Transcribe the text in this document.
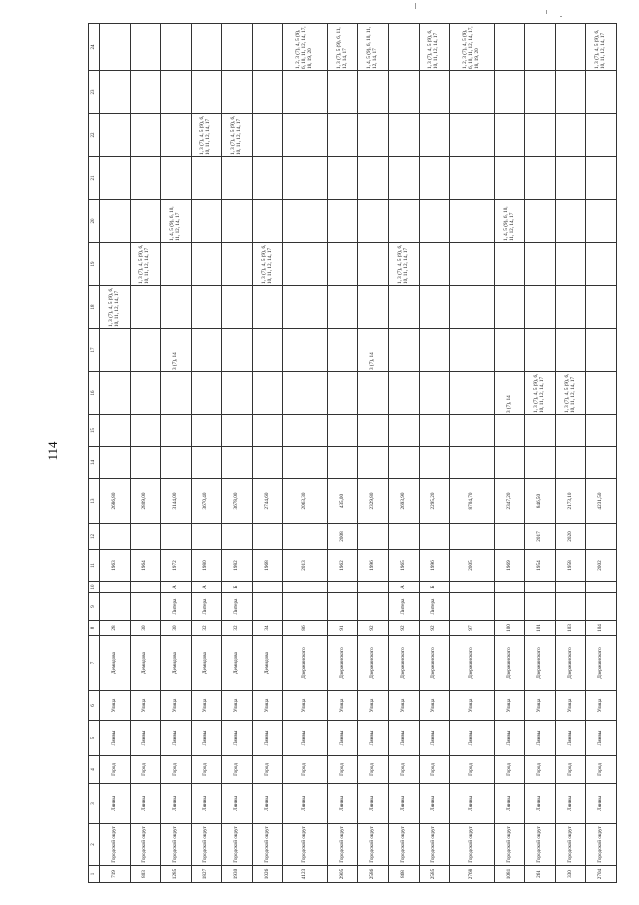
114
1	2	3	4	5	6	7	8	9	10	11	12	13	14	15	16	17	18	19	20	21	22	23	24
719	Городской округ	Лянвы	Город	Лянвы	Улица	Демидова	28			1963		2686,80					1, 3 (7), 4, 5 (9), 6, 10, 11, 12, 14, 17						
803	Городской округ	Лянвы	Город	Лянвы	Улица	Демидова	30			1964		2809,00						1, 3 (7), 4, 5 (9), 6, 10, 11, 12, 14, 17					
1285	Городской округ	Лянвы	Город	Лянвы	Улица	Демидова	30	Литера	А	1972		3144,00				3 (7), 14			1, 4, 5 (9), 6, 10, 11, 12, 14, 17				
1827	Городской округ	Лянвы	Город	Лянвы	Улица	Демидова	32	Литера	А	1980		3670,40									1, 3 (7), 4, 5 (9), 6, 10, 11, 12, 14, 17		
1930	Городской округ	Лянвы	Город	Лянвы	Улица	Демидова	32	Литера	Б	1982		3678,00									1, 3 (7), 4, 5 (9), 6, 10, 11, 12, 14, 17		
1026	Городской округ	Лянвы	Город	Лянвы	Улица	Демидова	34			1968		2744,60						1, 3 (7), 4, 5 (9), 6, 10, 11, 12, 14, 17					
4123	Городской округ	Лянвы	Город	Лянвы	Улица	Дзержинского	86			2013		2063,30											1, 2, 3 (7), 4, 5 (9), 6, 10, 11, 12, 14, 17, 18, 19, 20
2905	Городской округ	Лянвы	Город	Лянвы	Улица	Дзержинского	91			1962	2008	435,00											1, 3 (7), 5 (9), 6, 11, 12, 14, 17
2586	Городской округ	Лянвы	Город	Лянвы	Улица	Дзержинского	92			1996		2329,80				3 (7), 14							1, 4, 5 (9), 6, 10, 11, 12, 14, 17
868	Городской округ	Лянвы	Город	Лянвы	Улица	Дзержинского	92	Литера	А	1965		2693,90						1, 3 (7), 4, 5 (9), 6, 10, 11, 12, 14, 17					
2585	Городской округ	Лянвы	Город	Лянвы	Улица	Дзержинского	92	Литера	Б	1996		2295,20											1, 3 (7), 4, 5 (9), 6, 10, 11, 12, 14, 17
2768	Городской округ	Лянвы	Город	Лянвы	Улица	Дзержинского	97			2005		8704,70											1, 2, 3 (7), 4, 5 (9), 6, 10, 11, 12, 14, 17, 18, 19, 20
1081	Городской округ	Лянвы	Город	Лянвы	Улица	Дзержинского	100			1969		2347,20			3 (7), 14				1, 4, 5 (9), 6, 10, 11, 12, 14, 17				
261	Городской округ	Лянвы	Город	Лянвы	Улица	Дзержинского	101			1954	2017	846,50			1, 3 (7), 4, 5 (9), 6, 10, 11, 12, 14, 17								
330	Городской округ	Лянвы	Город	Лянвы	Улица	Дзержинского	103			1958	2020	2173,10			1, 3 (7), 4, 5 (9), 6, 10, 11, 12, 14, 17								
2704	Городской округ	Лянвы	Город	Лянвы	Улица	Дзержинского	104			2002		4231,50											1, 3 (7), 4, 5 (9), 6, 10, 11, 12, 14, 17
